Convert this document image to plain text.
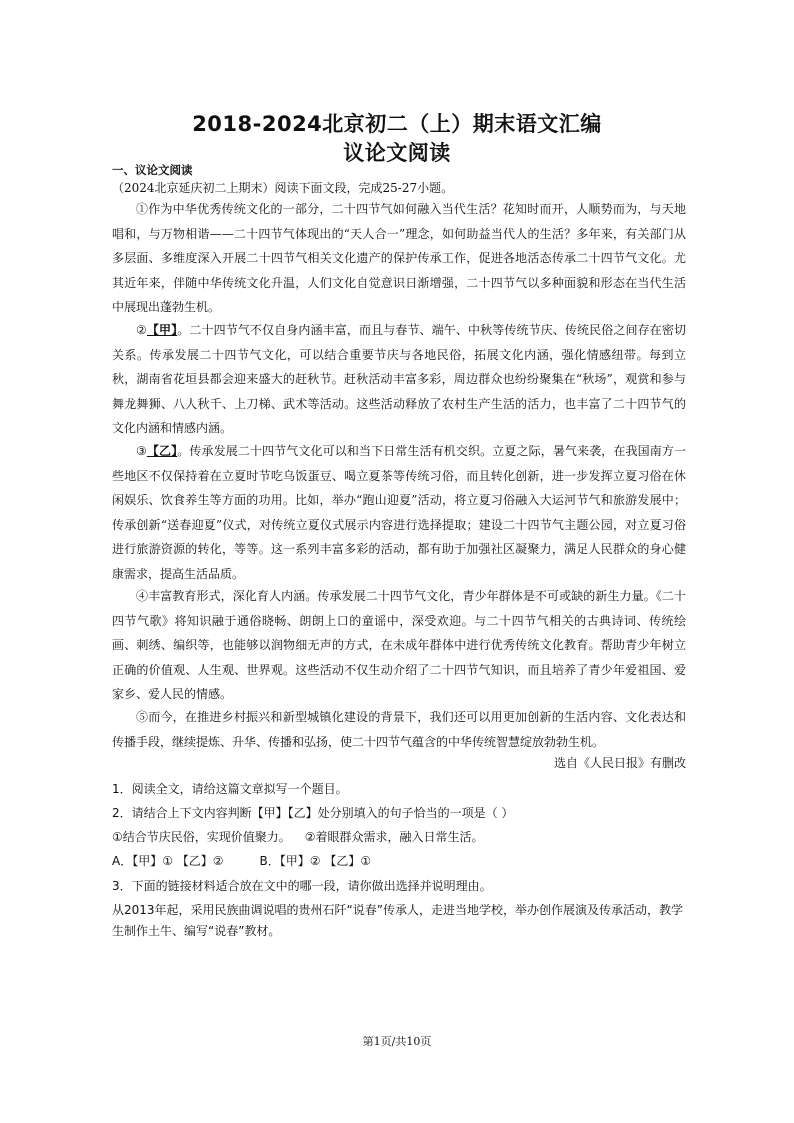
2018-2024北京初二（上）期末语文汇编
议论文阅读
一、议论文阅读
（2024北京延庆初二上期末）阅读下面文段，完成25-27小题。

①作为中华优秀传统文化的一部分，二十四节气如何融入当代生活？花知时而开，人顺势而为，与天地唱和，与万物相谐——二十四节气体现出的“天人合一”理念，如何助益当代人的生活？多年来，有关部门从多层面、多维度深入开展二十四节气相关文化遗产的保护传承工作，促进各地活态传承二十四节气文化。尤其近年来，伴随中华传统文化升温，人们文化自觉意识日渐增强，二十四节气以多种面貌和形态在当代生活中展现出蓬勃生机。

②【甲】。二十四节气不仅自身内涵丰富，而且与春节、端午、中秋等传统节庆、传统民俗之间存在密切关系。传承发展二十四节气文化，可以结合重要节庆与各地民俗，拓展文化内涵，强化情感纽带。每到立秋，湖南省花垣县都会迎来盛大的赶秋节。赶秋活动丰富多彩，周边群众也纷纷聚集在“秋场”，观赏和参与舞龙舞狮、八人秋千、上刀梯、武术等活动。这些活动释放了农村生产生活的活力，也丰富了二十四节气的文化内涵和情感内涵。

③【乙】。传承发展二十四节气文化可以和当下日常生活有机交织。立夏之际，暑气来袭，在我国南方一些地区不仅保持着在立夏时节吃乌饭蛋豆、喝立夏茶等传统习俗，而且转化创新，进一步发挥立夏习俗在休闲娱乐、饮食养生等方面的功用。比如，举办“跑山迎夏”活动，将立夏习俗融入大运河节气和旅游发展中；传承创新“送春迎夏”仪式，对传统立夏仪式展示内容进行选择提取；建设二十四节气主题公园，对立夏习俗进行旅游资源的转化，等等。这一系列丰富多彩的活动，都有助于加强社区凝聚力，满足人民群众的身心健康需求，提高生活品质。

④丰富教育形式，深化育人内涵。传承发展二十四节气文化，青少年群体是不可或缺的新生力量。《二十四节气歌》将知识融于通俗晓畅、朗朗上口的童谣中，深受欢迎。与二十四节气相关的古典诗词、传统绘画、刺绣、编织等，也能够以润物细无声的方式，在未成年群体中进行优秀传统文化教育。帮助青少年树立正确的价值观、人生观、世界观。这些活动不仅生动介绍了二十四节气知识，而且培养了青少年爱祖国、爱家乡、爱人民的情感。

⑤而今，在推进乡村振兴和新型城镇化建设的背景下，我们还可以用更加创新的生活内容、文化表达和传播手段，继续提炼、升华、传播和弘扬，使二十四节气蕴含的中华传统智慧绽放勃勃生机。

选自《人民日报》有删改
1．阅读全文，请给这篇文章拟写一个题目。
2．请结合上下文内容判断【甲】【乙】处分别填入的句子恰当的一项是（ ）
①结合节庆民俗，实现价值聚力。 ②着眼群众需求，融入日常生活。
A．【甲】① 【乙】②	B．【甲】② 【乙】①
3．下面的链接材料适合放在文中的哪一段，请你做出选择并说明理由。
从2013年起，采用民族曲调说唱的贵州石阡“说春”传承人，走进当地学校，举办创作展演及传承活动，教学生制作土牛、编写“说春”教材。
第1页/共10页
